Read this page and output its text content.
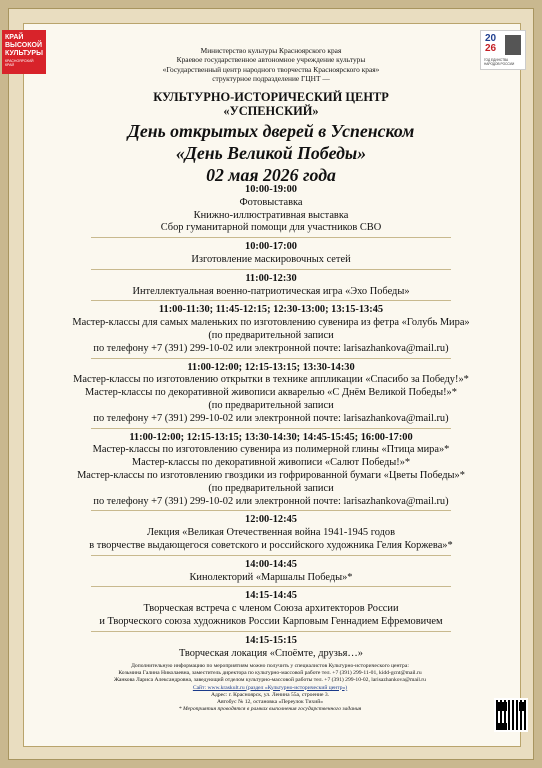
КРАЙ
ВЫСОКОЙ
КУЛЬТУРЫ
КРАСНОЯРСКИЙ КРАЙ
20
26
ГОД ЕДИНСТВА НАРОДОВ РОССИИ
Министерство культуры Красноярского края
Краевое государственное автономное учреждение культуры
«Государственный центр народного творчества Красноярского края»
структурное подразделение ГЦНТ —
КУЛЬТУРНО-ИСТОРИЧЕСКИЙ ЦЕНТР
«УСПЕНСКИЙ»
День открытых дверей в Успенском
«День Великой Победы»
02 мая 2026 года
10:00-19:00
Фотовыставка
Книжно-иллюстративная выставка
Сбор гуманитарной помощи для участников СВО
10:00-17:00
Изготовление маскировочных сетей
11:00-12:30
Интеллектуальная военно-патриотическая игра «Эхо Победы»
11:00-11:30; 11:45-12:15; 12:30-13:00; 13:15-13:45
Мастер-классы для самых маленьких по изготовлению сувенира из фетра «Голубь Мира»
(по предварительной записи
по телефону +7 (391) 299-10-02 или электронной почте: larisazhankova@mail.ru)
11:00-12:00; 12:15-13:15; 13:30-14:30
Мастер-классы по изготовлению открытки в технике аппликации «Спасибо за Победу!»*
Мастер-классы по декоративной живописи акварелью «С Днём Великой Победы!»*
(по предварительной записи
по телефону +7 (391) 299-10-02 или электронной почте: larisazhankova@mail.ru)
11:00-12:00; 12:15-13:15; 13:30-14:30; 14:45-15:45; 16:00-17:00
Мастер-классы по изготовлению сувенира из полимерной глины «Птица мира»*
Мастер-классы по декоративной живописи «Салют Победы!»*
Мастер-классы по изготовлению гвоздики из гофрированной бумаги «Цветы Победы»*
(по предварительной записи
по телефону +7 (391) 299-10-02 или электронной почте: larisazhankova@mail.ru)
12:00-12:45
Лекция «Великая Отечественная война 1941-1945 годов
в творчестве выдающегося советского и российского художника Гелия Коржева»*
14:00-14:45
Кинолекторий «Маршалы Победы»*
14:15-14:45
Творческая встреча с членом Союза архитекторов России
и Творческого союза художников России Карповым Геннадием Ефремовичем
14:15-15:15
Творческая локация «Споёмте, друзья…»
Дополнительную информацию по мероприятиям можно получить у специалистов Культурно-исторического центра:
Козьмина Галина Николаевна, заместитель директора по культурно-массовой работе тел. +7 (391) 299-11-01, kidd-gcnt@mail.ru
Жанкова Лариса Александровна, заведующий отделом культурно-массовой работы тел. +7 (391) 299-10-02, larisazhankova@mail.ru
Сайт: www.kraskult.ru (раздел «Культурно-исторический центр»)
Адрес: г. Красноярск, ул. Ленина 55а, строение 3.
Автобус № 12, остановка «Переулок Тихий»
* Мероприятия проводятся в рамках выполнения государственного задания
